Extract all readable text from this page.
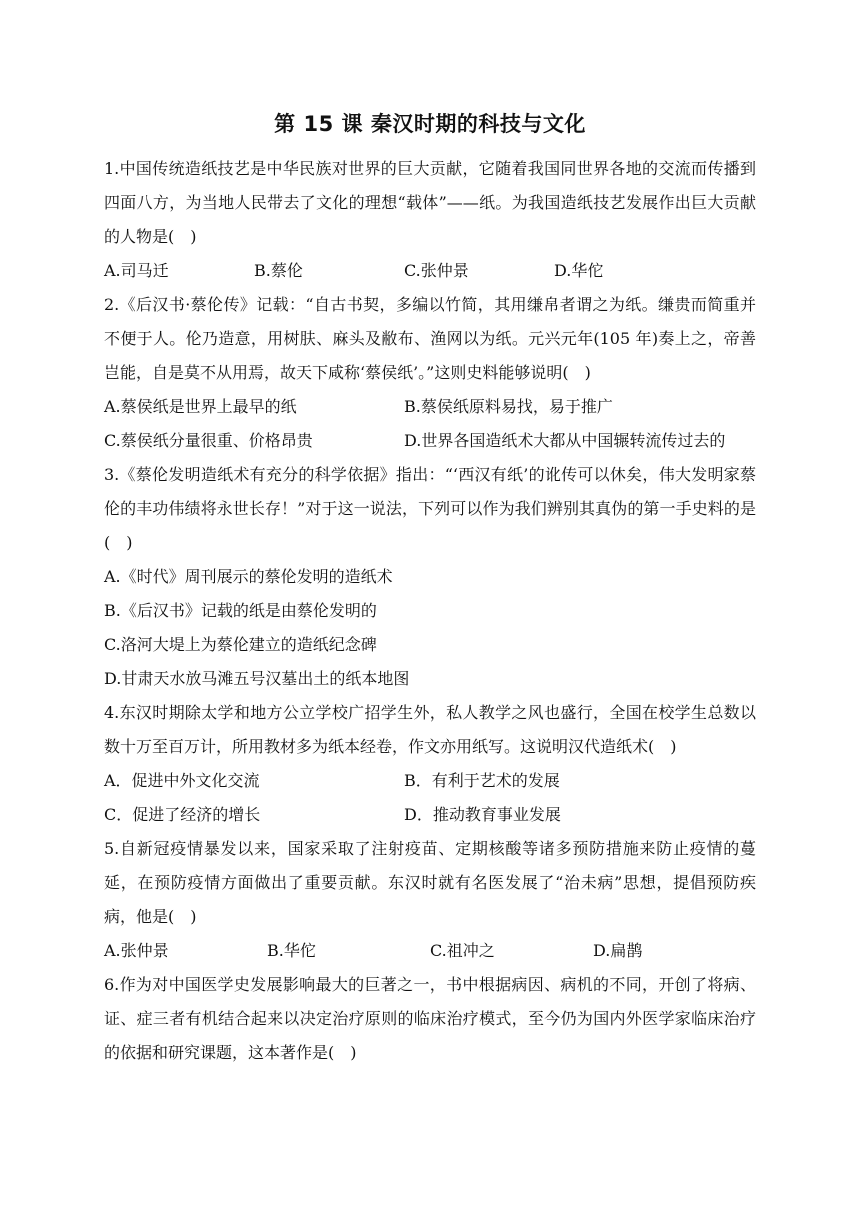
第 15 课 秦汉时期的科技与文化

1.中国传统造纸技艺是中华民族对世界的巨大贡献，它随着我国同世界各地的交流而传播到四面八方，为当地人民带去了文化的理想“载体”——纸。为我国造纸技艺发展作出巨大贡献的人物是(　)

A.司马迁	B.蔡伦	C.张仲景	D.华佗

2.《后汉书·蔡伦传》记载：“自古书契，多编以竹简，其用缣帛者谓之为纸。缣贵而简重并不便于人。伦乃造意，用树肤、麻头及敝布、渔网以为纸。元兴元年(105 年)奏上之，帝善岂能，自是莫不从用焉，故天下咸称‘蔡侯纸’。”这则史料能够说明(　)

A.蔡侯纸是世界上最早的纸	B.蔡侯纸原料易找，易于推广
C.蔡侯纸分量很重、价格昂贵	D.世界各国造纸术大都从中国辗转流传过去的

3.《蔡伦发明造纸术有充分的科学依据》指出：“‘西汉有纸’的讹传可以休矣，伟大发明家蔡伦的丰功伟绩将永世长存！”对于这一说法，下列可以作为我们辨别其真伪的第一手史料的是(　)

A.《时代》周刊展示的蔡伦发明的造纸术
B.《后汉书》记载的纸是由蔡伦发明的
C.洛河大堤上为蔡伦建立的造纸纪念碑
D.甘肃天水放马滩五号汉墓出土的纸本地图

4.东汉时期除太学和地方公立学校广招学生外，私人教学之风也盛行，全国在校学生总数以数十万至百万计，所用教材多为纸本经卷，作文亦用纸写。这说明汉代造纸术(　)

A．促进中外文化交流	B．有利于艺术的发展
C．促进了经济的增长	D．推动教育事业发展

5.自新冠疫情暴发以来，国家采取了注射疫苗、定期核酸等诸多预防措施来防止疫情的蔓延，在预防疫情方面做出了重要贡献。东汉时就有名医发展了“治未病”思想，提倡预防疾病，他是(　)

A.张仲景	B.华佗	C.祖冲之	D.扁鹊

6.作为对中国医学史发展影响最大的巨著之一，书中根据病因、病机的不同，开创了将病、证、症三者有机结合起来以决定治疗原则的临床治疗模式，至今仍为国内外医学家临床治疗的依据和研究课题，这本著作是(　)
